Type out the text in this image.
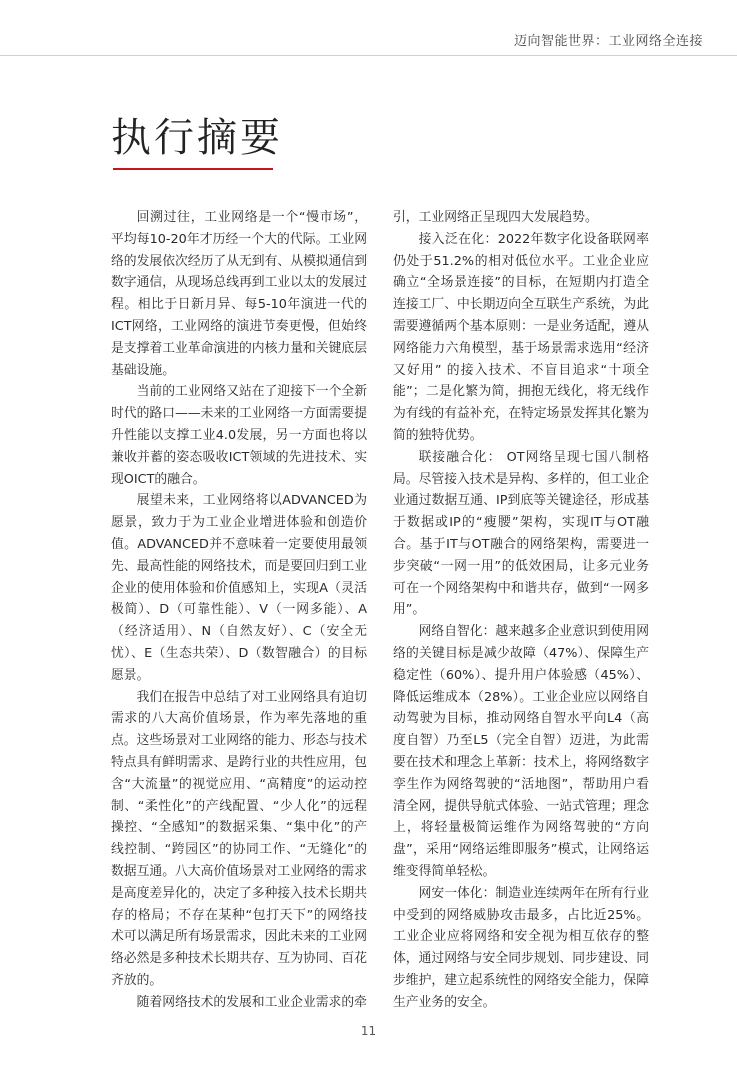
迈向智能世界：工业网络全连接
执行摘要

回溯过往，工业网络是一个“慢市场”，平均每10-20年才历经一个大的代际。工业网络的发展依次经历了从无到有、从模拟通信到数字通信，从现场总线再到工业以太的发展过程。相比于日新月异、每5-10年演进一代的ICT网络，工业网络的演进节奏更慢，但始终是支撑着工业革命演进的内核力量和关键底层基础设施。

当前的工业网络又站在了迎接下一个全新时代的路口——未来的工业网络一方面需要提升性能以支撑工业4.0发展，另一方面也将以兼收并蓄的姿态吸收ICT领域的先进技术、实现OICT的融合。

展望未来，工业网络将以ADVANCED为愿景，致力于为工业企业增进体验和创造价值。ADVANCED并不意味着一定要使用最领先、最高性能的网络技术，而是要回归到工业企业的使用体验和价值感知上，实现A（灵活极简）、D（可靠性能）、V（一网多能）、A（经济适用）、N（自然友好）、C（安全无忧）、E（生态共荣）、D（数智融合）的目标愿景。

我们在报告中总结了对工业网络具有迫切需求的八大高价值场景，作为率先落地的重点。这些场景对工业网络的能力、形态与技术特点具有鲜明需求、是跨行业的共性应用，包含“大流量”的视觉应用、“高精度”的运动控制、“柔性化”的产线配置、“少人化”的远程操控、“全感知”的数据采集、“集中化”的产线控制、“跨园区”的协同工作、“无缝化”的数据互通。八大高价值场景对工业网络的需求是高度差异化的，决定了多种接入技术长期共存的格局；不存在某种“包打天下”的网络技术可以满足所有场景需求，因此未来的工业网络必然是多种技术长期共存、互为协同、百花齐放的。

随着网络技术的发展和工业企业需求的牵

引，工业网络正呈现四大发展趋势。

接入泛在化：2022年数字化设备联网率仍处于51.2%的相对低位水平。工业企业应确立“全场景连接”的目标，在短期内打造全连接工厂、中长期迈向全互联生产系统，为此需要遵循两个基本原则：一是业务适配，遵从网络能力六角模型，基于场景需求选用“经济又好用” 的接入技术、不盲目追求“十项全能”；二是化繁为简，拥抱无线化，将无线作为有线的有益补充，在特定场景发挥其化繁为简的独特优势。

联接融合化： OT网络呈现七国八制格局。尽管接入技术是异构、多样的，但工业企业通过数据互通、IP到底等关键途径，形成基于数据或IP的“瘦腰”架构，实现IT与OT融合。基于IT与OT融合的网络架构，需要进一步突破“一网一用”的低效困局，让多元业务可在一个网络架构中和谐共存，做到“一网多用”。

网络自智化：越来越多企业意识到使用网络的关键目标是减少故障（47%）、保障生产稳定性（60%）、提升用户体验感（45%）、降低运维成本（28%）。工业企业应以网络自动驾驶为目标，推动网络自智水平向L4（高度自智）乃至L5（完全自智）迈进，为此需要在技术和理念上革新：技术上，将网络数字孪生作为网络驾驶的“活地图”，帮助用户看清全网，提供导航式体验、一站式管理；理念上，将轻量极简运维作为网络驾驶的“方向盘”，采用“网络运维即服务”模式，让网络运维变得简单轻松。

网安一体化：制造业连续两年在所有行业中受到的网络威胁攻击最多，占比近25%。工业企业应将网络和安全视为相互依存的整体，通过网络与安全同步规划、同步建设、同步维护，建立起系统性的网络安全能力，保障生产业务的安全。

11
